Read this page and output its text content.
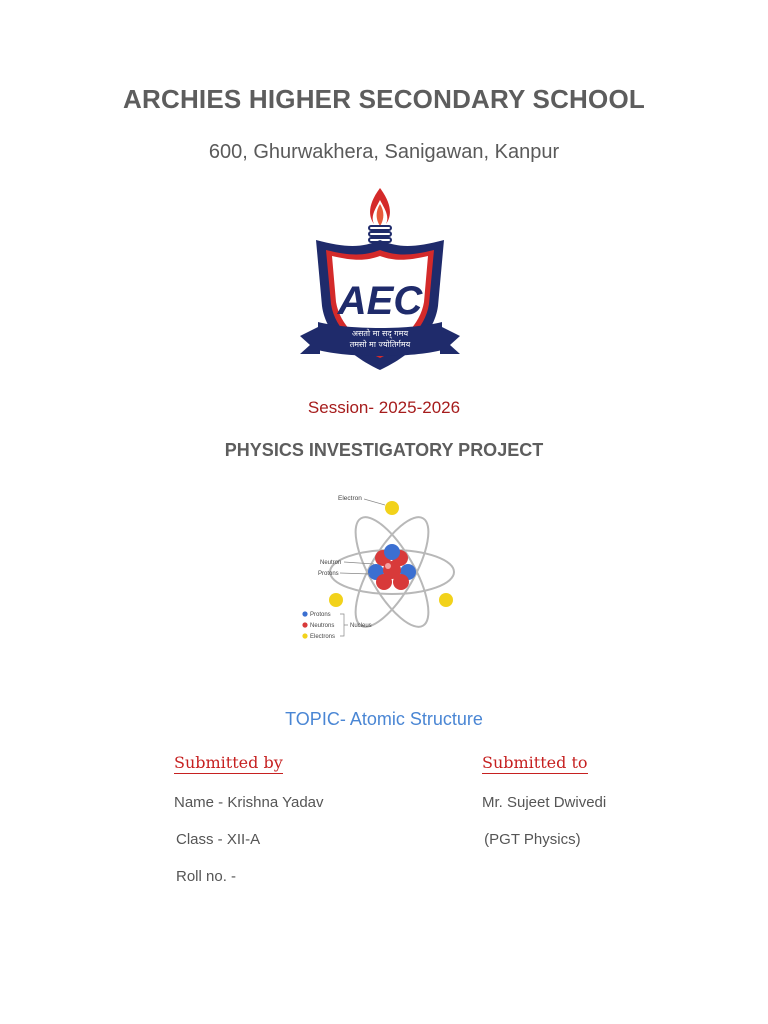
ARCHIES HIGHER SECONDARY SCHOOL
600, Ghurwakhera, Sanigawan, Kanpur
AEC
असतो मा सद् गमय
तमसो मा ज्योतिर्गमय
Session- 2025-2026
PHYSICS INVESTIGATORY PROJECT
Electron
Neutron
Protons
Protons
Neutrons
Electrons
Nucleus
TOPIC- Atomic Structure
Submitted by	Submitted to
Name - Krishna Yadav
Class - XII-A
Roll no. -
Mr. Sujeet Dwivedi
(PGT Physics)
